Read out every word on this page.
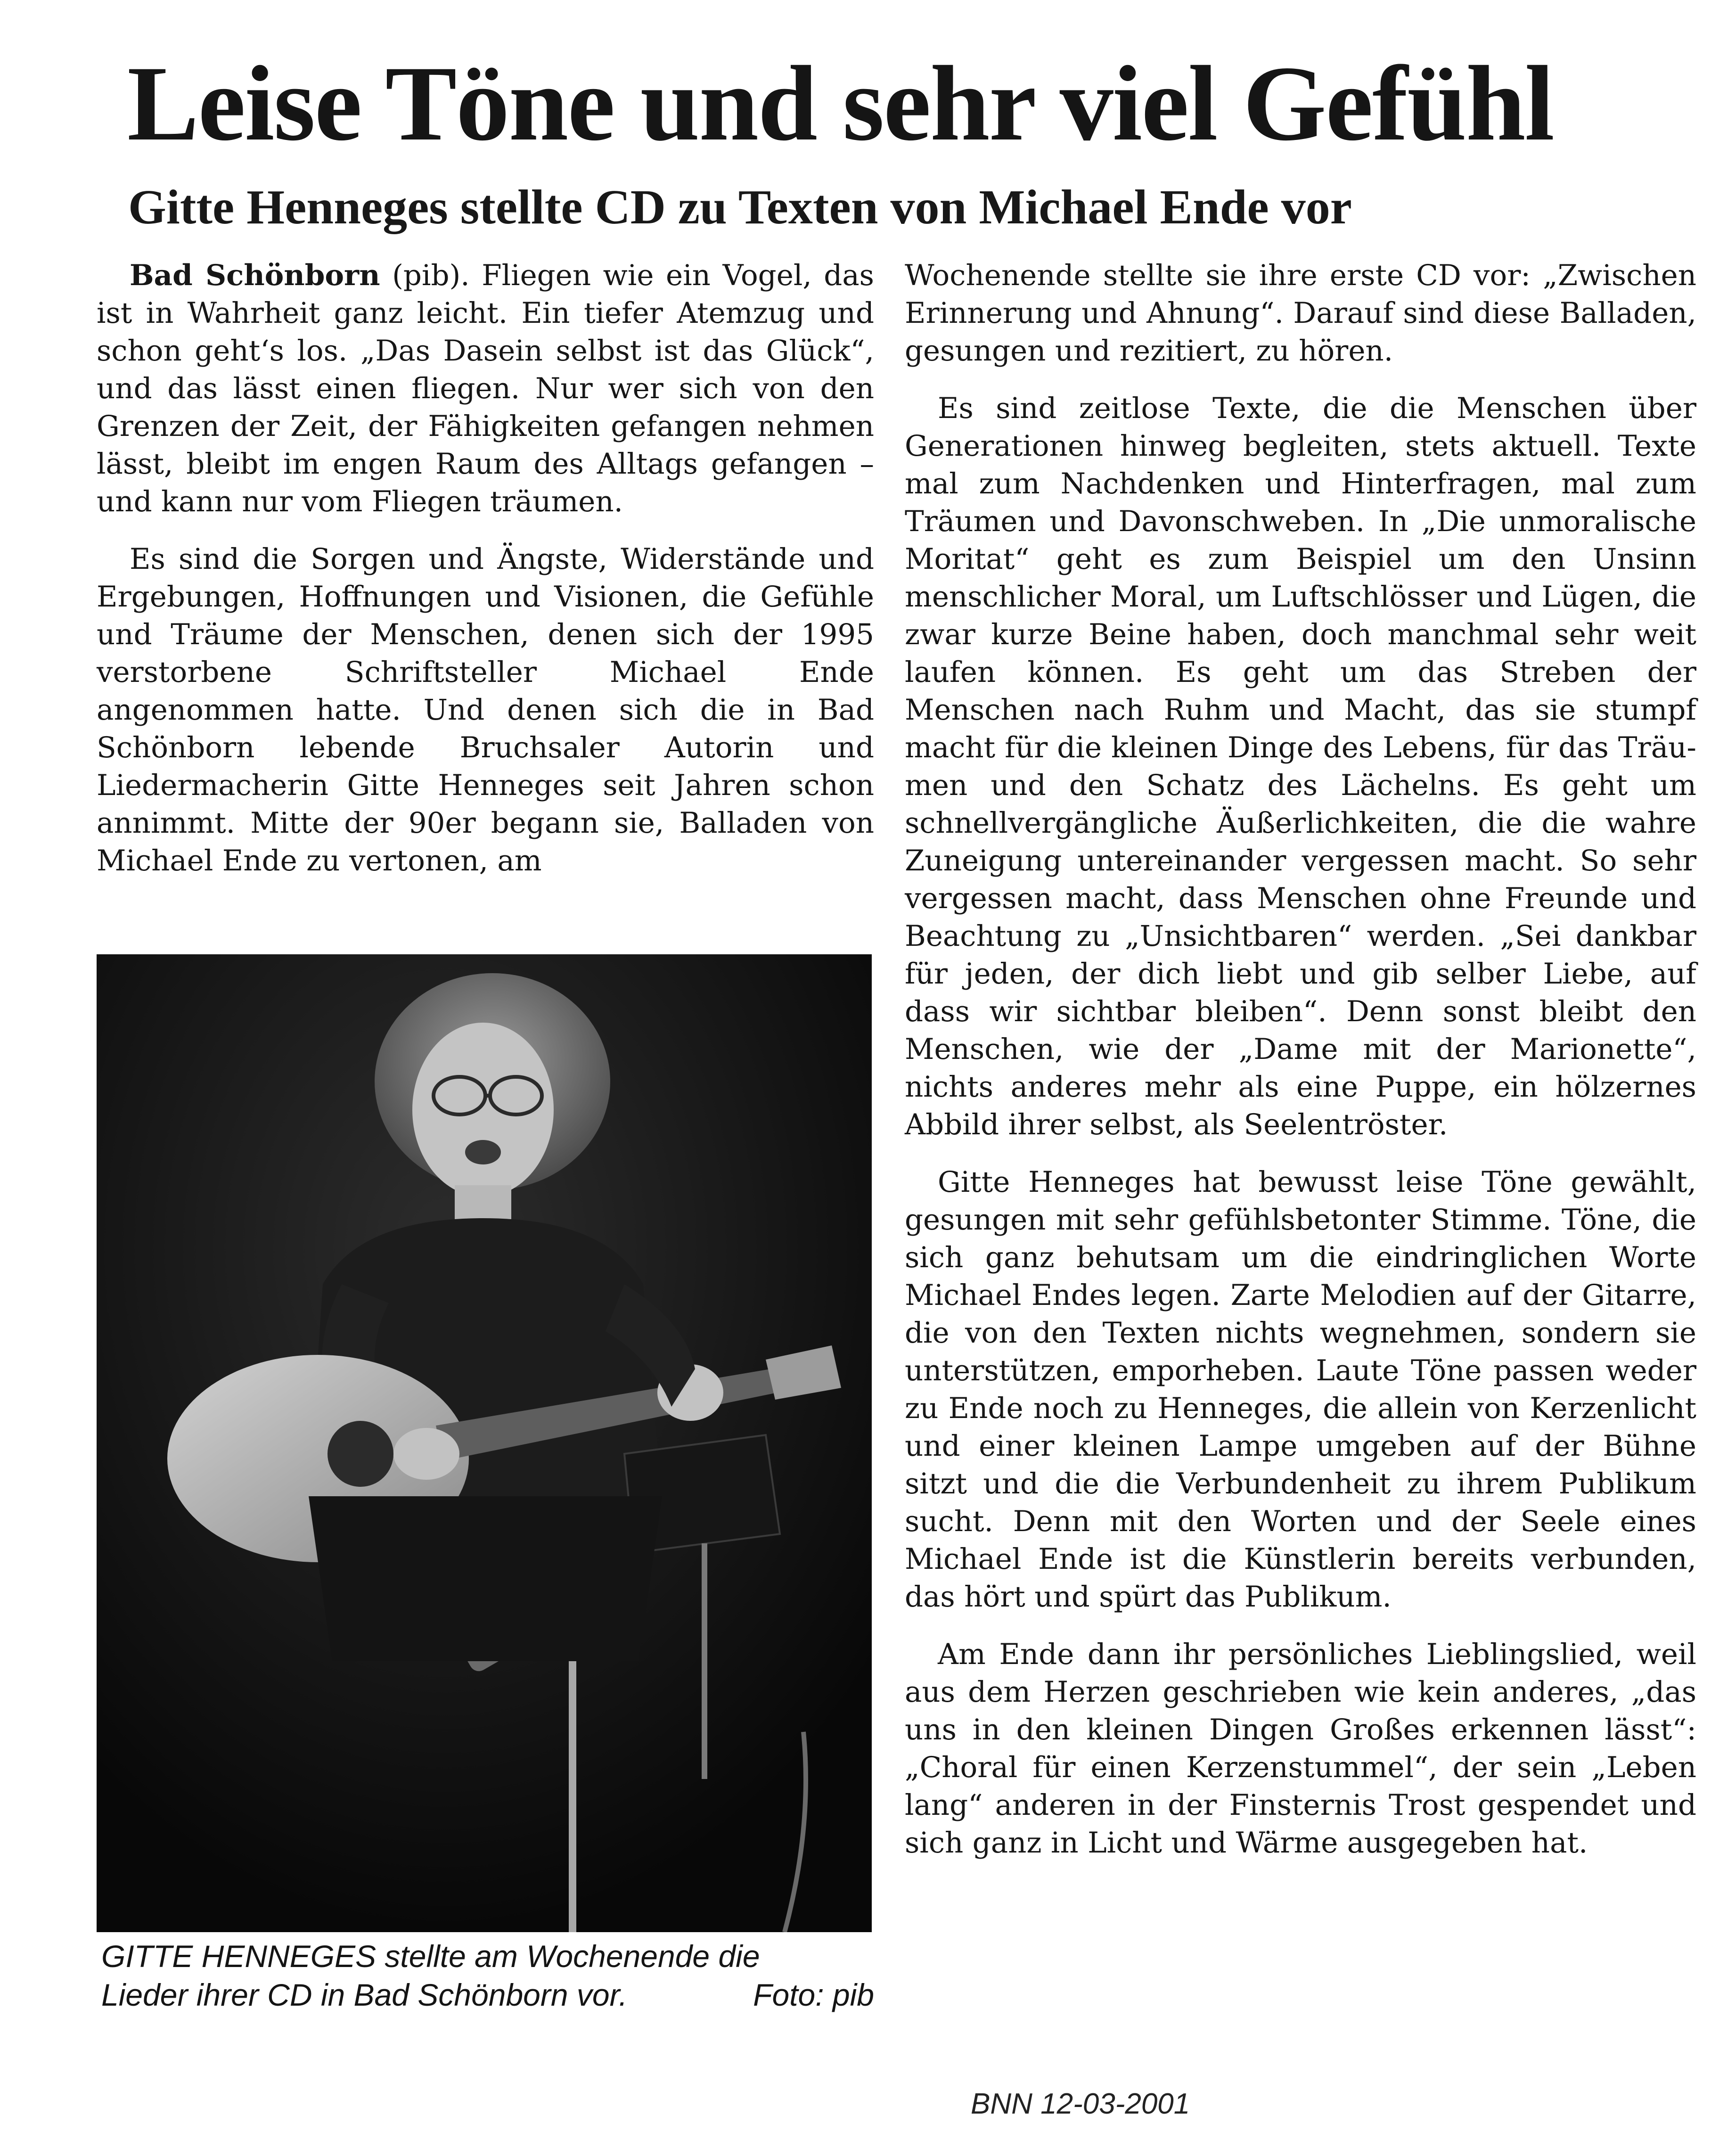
Leise Töne und sehr viel Gefühl
Gitte Henneges stellte CD zu Texten von Michael Ende vor

Bad Schönborn (pib). Fliegen wie ein Vogel, das ist in Wahrheit ganz leicht. Ein tiefer Atemzug und schon geht‘s los. „Das Dasein selbst ist das Glück“, und das lässt einen fliegen. Nur wer sich von den Grenzen der Zeit, der Fähigkeiten gefangen nehmen lässt, bleibt im engen Raum des Alltags gefangen – und kann nur vom Fliegen träumen.

Es sind die Sorgen und Ängste, Widerstände und Ergebungen, Hoffnungen und Visionen, die Gefühle und Träume der Menschen, denen sich der 1995 verstorbene Schriftsteller Michael Ende angenommen hatte. Und denen sich die in Bad Schönborn lebende Bruchsaler Autorin und Liedermacherin Gitte Henneges seit Jahren schon annimmt. Mitte der 90er begann sie, Balladen von Michael Ende zu vertonen, am

GITTE HENNEGES stellte am Wochenende die
Lieder ihrer CD in Bad Schönborn vor.	Foto: pib

Wochenende stellte sie ihre erste CD vor: „Zwischen Erinnerung und Ahnung“. Darauf sind diese Balladen, gesungen und rezitiert, zu hören.

Es sind zeitlose Texte, die die Menschen über Generationen hinweg begleiten, stets aktuell. Texte mal zum Nachdenken und Hinterfragen, mal zum Träumen und Davonschweben. In „Die unmoralische Moritat“ geht es zum Beispiel um den Unsinn menschlicher Moral, um Luftschlösser und Lügen, die zwar kurze Beine haben, doch manchmal sehr weit laufen können. Es geht um das Streben der Menschen nach Ruhm und Macht, das sie stumpf macht für die kleinen Dinge des Lebens, für das Träumen und den Schatz des Lächelns. Es geht um schnellvergängliche Äußerlichkeiten, die die wahre Zuneigung untereinander vergessen macht. So sehr vergessen macht, dass Menschen ohne Freunde und Beachtung zu „Unsichtbaren“ werden. „Sei dankbar für jeden, der dich liebt und gib selber Liebe, auf dass wir sichtbar bleiben“. Denn sonst bleibt den Menschen, wie der „Dame mit der Marionette“, nichts anderes mehr als eine Puppe, ein hölzernes Abbild ihrer selbst, als Seelentröster.

Gitte Henneges hat bewusst leise Töne gewählt, gesungen mit sehr gefühlsbetonter Stimme. Töne, die sich ganz behutsam um die eindringlichen Worte Michael Endes legen. Zarte Melodien auf der Gitarre, die von den Texten nichts wegnehmen, sondern sie unterstützen, emporheben. Laute Töne passen weder zu Ende noch zu Henneges, die allein von Kerzenlicht und einer kleinen Lampe umgeben auf der Bühne sitzt und die die Verbundenheit zu ihrem Publikum sucht. Denn mit den Worten und der Seele eines Michael Ende ist die Künstlerin bereits verbunden, das hört und spürt das Publikum.

Am Ende dann ihr persönliches Lieblingslied, weil aus dem Herzen geschrieben wie kein anderes, „das uns in den kleinen Dingen Großes erkennen lässt“: „Choral für einen Kerzenstummel“, der sein „Leben lang“ anderen in der Finsternis Trost gespendet und sich ganz in Licht und Wärme ausgegeben hat.

BNN 12-03-2001
